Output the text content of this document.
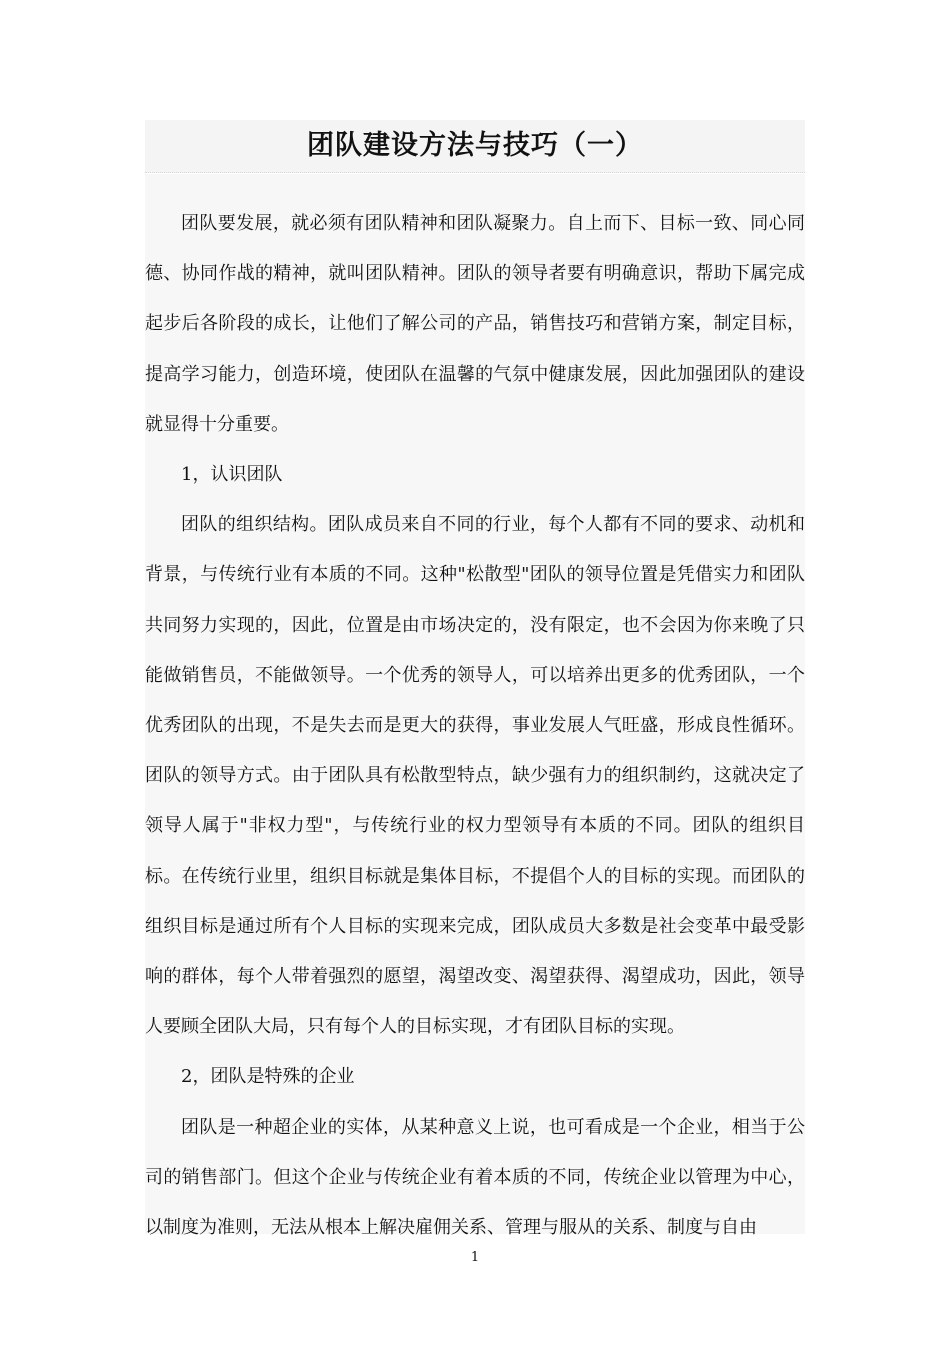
团队建设方法与技巧（一）

团队要发展，就必须有团队精神和团队凝聚力。自上而下、目标一致、同心同德、协同作战的精神，就叫团队精神。团队的领导者要有明确意识，帮助下属完成起步后各阶段的成长，让他们了解公司的产品，销售技巧和营销方案，制定目标，提高学习能力，创造环境，使团队在温馨的气氛中健康发展，因此加强团队的建设就显得十分重要。

1，认识团队

团队的组织结构。团队成员来自不同的行业，每个人都有不同的要求、动机和背景，与传统行业有本质的不同。这种"松散型"团队的领导位置是凭借实力和团队共同努力实现的，因此，位置是由市场决定的，没有限定，也不会因为你来晚了只能做销售员，不能做领导。一个优秀的领导人，可以培养出更多的优秀团队，一个优秀团队的出现，不是失去而是更大的获得，事业发展人气旺盛，形成良性循环。团队的领导方式。由于团队具有松散型特点，缺少强有力的组织制约，这就决定了领导人属于"非权力型"，与传统行业的权力型领导有本质的不同。团队的组织目标。在传统行业里，组织目标就是集体目标，不提倡个人的目标的实现。而团队的组织目标是通过所有个人目标的实现来完成，团队成员大多数是社会变革中最受影响的群体，每个人带着强烈的愿望，渴望改变、渴望获得、渴望成功，因此，领导人要顾全团队大局，只有每个人的目标实现，才有团队目标的实现。

2，团队是特殊的企业

团队是一种超企业的实体，从某种意义上说，也可看成是一个企业，相当于公司的销售部门。但这个企业与传统企业有着本质的不同，传统企业以管理为中心，以制度为准则，无法从根本上解决雇佣关系、管理与服从的关系、制度与自由

1
